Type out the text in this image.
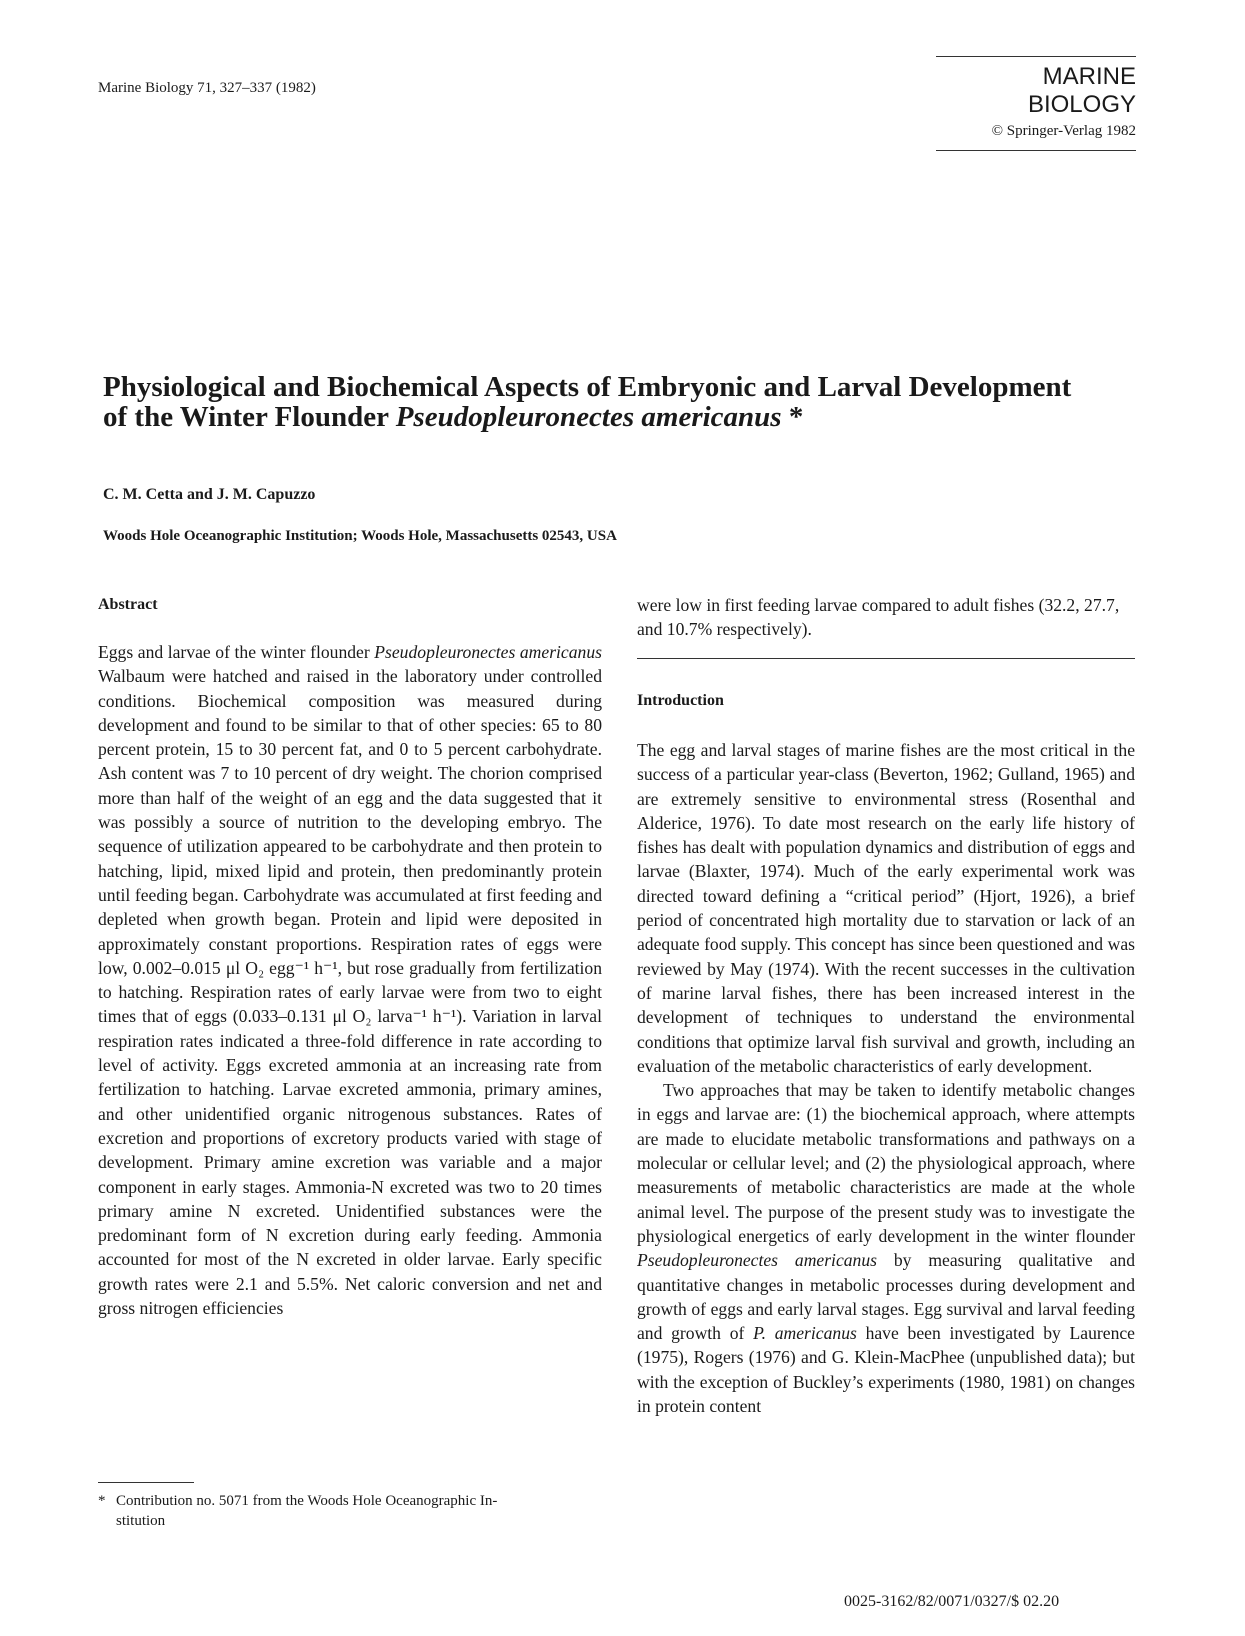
Marine Biology 71, 327–337 (1982)	MARINE BIOLOGY
© Springer-Verlag 1982
Physiological and Biochemical Aspects of Embryonic and Larval Development
of the Winter Flounder Pseudopleuronectes americanus *
C. M. Cetta and J. M. Capuzzo
Woods Hole Oceanographic Institution; Woods Hole, Massachusetts 02543, USA
Abstract

Eggs and larvae of the winter flounder Pseudopleuronectes americanus Walbaum were hatched and raised in the laboratory under controlled conditions. Biochemical composition was measured during development and found to be similar to that of other species: 65 to 80 percent protein, 15 to 30 percent fat, and 0 to 5 percent carbohydrate. Ash content was 7 to 10 percent of dry weight. The chorion comprised more than half of the weight of an egg and the data suggested that it was possibly a source of nutrition to the developing embryo. The sequence of utilization appeared to be carbohydrate and then protein to hatching, lipid, mixed lipid and protein, then predominantly protein until feeding began. Carbohydrate was accumulated at first feeding and depleted when growth began. Protein and lipid were deposited in approximately constant proportions. Respiration rates of eggs were low, 0.002–0.015 μl O₂ egg⁻¹ h⁻¹, but rose gradually from fertilization to hatching. Respiration rates of early larvae were from two to eight times that of eggs (0.033–0.131 μl O₂ larva⁻¹ h⁻¹). Variation in larval respiration rates indicated a three-fold difference in rate according to level of activity. Eggs excreted ammonia at an increasing rate from fertilization to hatching. Larvae excreted ammonia, primary amines, and other unidentified organic nitrogenous substances. Rates of excretion and proportions of excretory products varied with stage of development. Primary amine excretion was variable and a major component in early stages. Ammonia-N excreted was two to 20 times primary amine N excreted. Unidentified substances were the predominant form of N excretion during early feeding. Ammonia accounted for most of the N excreted in older larvae. Early specific growth rates were 2.1 and 5.5%. Net caloric conversion and net and gross nitrogen efficiencies

were low in first feeding larvae compared to adult fishes (32.2, 27.7, and 10.7% respectively).
Introduction

The egg and larval stages of marine fishes are the most critical in the success of a particular year-class (Beverton, 1962; Gulland, 1965) and are extremely sensitive to environmental stress (Rosenthal and Alderice, 1976). To date most research on the early life history of fishes has dealt with population dynamics and distribution of eggs and larvae (Blaxter, 1974). Much of the early experimental work was directed toward defining a “critical period” (Hjort, 1926), a brief period of concentrated high mortality due to starvation or lack of an adequate food supply. This concept has since been questioned and was reviewed by May (1974). With the recent successes in the cultivation of marine larval fishes, there has been increased interest in the development of techniques to understand the environmental conditions that optimize larval fish survival and growth, including an evaluation of the metabolic characteristics of early development.

Two approaches that may be taken to identify metabolic changes in eggs and larvae are: (1) the biochemical approach, where attempts are made to elucidate metabolic transformations and pathways on a molecular or cellular level; and (2) the physiological approach, where measurements of metabolic characteristics are made at the whole animal level. The purpose of the present study was to investigate the physiological energetics of early development in the winter flounder Pseudopleuronectes americanus by measuring qualitative and quantitative changes in metabolic processes during development and growth of eggs and early larval stages. Egg survival and larval feeding and growth of P. americanus have been investigated by Laurence (1975), Rogers (1976) and G. Klein-MacPhee (unpublished data); but with the exception of Buckley’s experiments (1980, 1981) on changes in protein content

* Contribution no. 5071 from the Woods Hole Oceanographic In-
stitution
0025-3162/82/0071/0327/$ 02.20
